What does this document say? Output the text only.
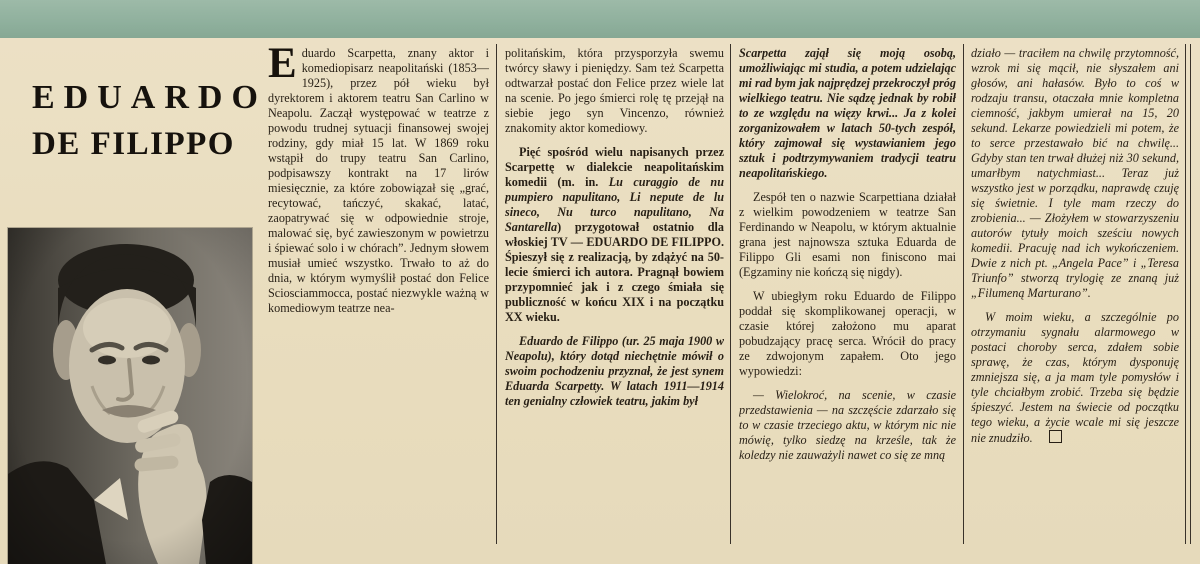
EDUARDO
DE FILIPPO

Eduardo Scarpetta, znany aktor i komediopisarz neapolitański (1853—1925), przez pół wieku był dyrektorem i aktorem teatru San Carlino w Neapolu. Zaczął występować w teatrze z powodu trudnej sytuacji finansowej swojej rodziny, gdy miał 15 lat. W 1869 roku wstąpił do trupy teatru San Carlino, podpisawszy kontrakt na 17 lirów miesięcznie, za które zobowiązał się „grać, recytować, tańczyć, skakać, latać, zaopatrywać się w odpowiednie stroje, malować się, być zawieszonym w powietrzu i śpiewać solo i w chórach”. Jednym słowem musiał umieć wszystko. Trwało to aż do dnia, w którym wymyślił postać don Felice Sciosciammocca, postać niezwykle ważną w komediowym teatrze nea-

politańskim, która przysporzyła swemu twórcy sławy i pieniędzy. Sam też Scarpetta odtwarzał postać don Felice przez wiele lat na scenie. Po jego śmierci rolę tę przejął na siebie jego syn Vincenzo, również znakomity aktor komediowy.

Pięć spośród wielu napisanych przez Scarpettę w dialekcie neapolitańskim komedii (m. in. Lu curaggio de nu pumpiero napulitano, Li nepute de lu sineco, Nu turco napulitano, Na Santarella) przygotował ostatnio dla włoskiej TV — EDUARDO DE FILIPPO. Śpieszył się z realizacją, by zdążyć na 50-lecie śmierci ich autora. Pragnął bowiem przypomnieć jak i z czego śmiała się publiczność w końcu XIX i na początku XX wieku.

Eduardo de Filippo (ur. 25 maja 1900 w Neapolu), który dotąd niechętnie mówił o swoim pochodzeniu przyznał, że jest synem Eduarda Scarpetty. W latach 1911—1914 ten genialny człowiek teatru, jakim był

Scarpetta zajął się moją osobą, umożliwiając mi studia, a potem udzielając mi rad bym jak najprędzej przekroczył próg wielkiego teatru. Nie sądzę jednak by robił to ze względu na więzy krwi... Ja z kolei zorganizowałem w latach 50-tych zespół, który zajmował się wystawianiem jego sztuk i podtrzymywaniem tradycji teatru neapolitańskiego.

Zespół ten o nazwie Scarpettiana działał z wielkim powodzeniem w teatrze San Ferdinando w Neapolu, w którym aktualnie grana jest najnowsza sztuka Eduarda de Filippo Gli esami non finiscono mai (Egzaminy nie kończą się nigdy).

W ubiegłym roku Eduardo de Filippo poddał się skomplikowanej operacji, w czasie której założono mu aparat pobudzający pracę serca. Wrócił do pracy ze zdwojonym zapałem. Oto jego wypowiedzi:

— Wielokroć, na scenie, w czasie przedstawienia — na szczęście zdarzało się to w czasie trzeciego aktu, w którym nic nie mówię, tylko siedzę na krześle, tak że koledzy nie zauważyli nawet co się ze mną

działo — traciłem na chwilę przytomność, wzrok mi się mącił, nie słyszałem ani głosów, ani hałasów. Było to coś w rodzaju transu, otaczała mnie kompletna ciemność, jakbym umierał na 15, 20 sekund. Lekarze powiedzieli mi potem, że to serce przestawało bić na chwilę... Gdyby stan ten trwał dłużej niż 30 sekund, umarłbym natychmiast... Teraz już wszystko jest w porządku, naprawdę czuję się świetnie. I tyle mam rzeczy do zrobienia... — Złożyłem w stowarzyszeniu autorów tytuły moich sześciu nowych komedii. Pracuję nad ich wykończeniem. Dwie z nich pt. „Angela Pace” i „Teresa Triunfo” stworzą trylogię ze znaną już „Filumeną Marturano”.

W moim wieku, a szczególnie po otrzymaniu sygnału alarmowego w postaci choroby serca, zdałem sobie sprawę, że czas, którym dysponuję zmniejsza się, a ja mam tyle pomysłów i tyle chciałbym zrobić. Trzeba się będzie śpieszyć. Jestem na świecie od początku tego wieku, a życie wcale mi się jeszcze nie znudziło.
